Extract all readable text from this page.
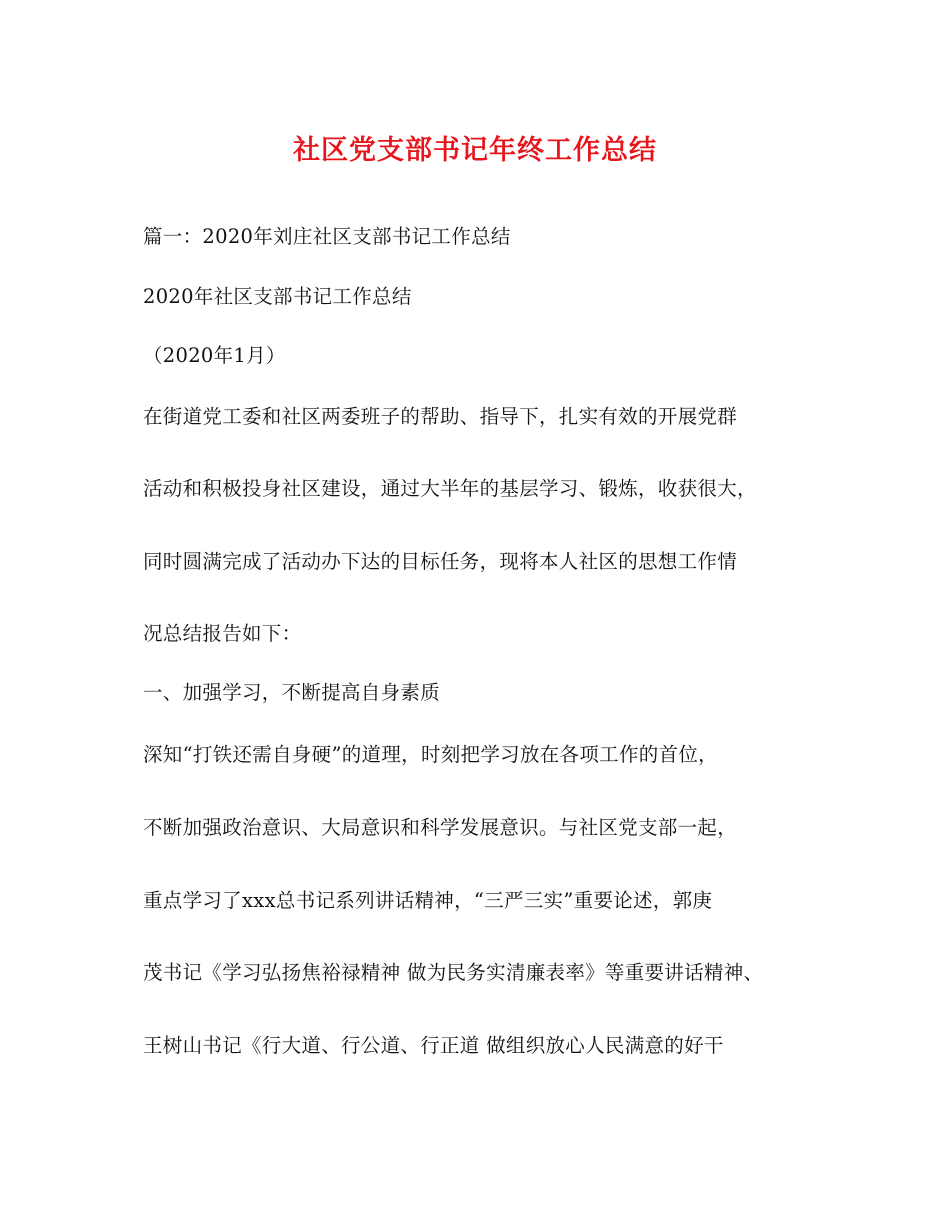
社区党支部书记年终工作总结
篇一：2020年刘庄社区支部书记工作总结
2020年社区支部书记工作总结
（2020年1月）
在街道党工委和社区两委班子的帮助、指导下，扎实有效的开展党群
活动和积极投身社区建设，通过大半年的基层学习、锻炼，收获很大，
同时圆满完成了活动办下达的目标任务，现将本人社区的思想工作情
况总结报告如下：
一、加强学习，不断提高自身素质
深知“打铁还需自身硬”的道理，时刻把学习放在各项工作的首位，
不断加强政治意识、大局意识和科学发展意识。与社区党支部一起，
重点学习了xxx总书记系列讲话精神，“三严三实”重要论述，郭庚
茂书记《学习弘扬焦裕禄精神 做为民务实清廉表率》等重要讲话精神、
王树山书记《行大道、行公道、行正道 做组织放心人民满意的好干
